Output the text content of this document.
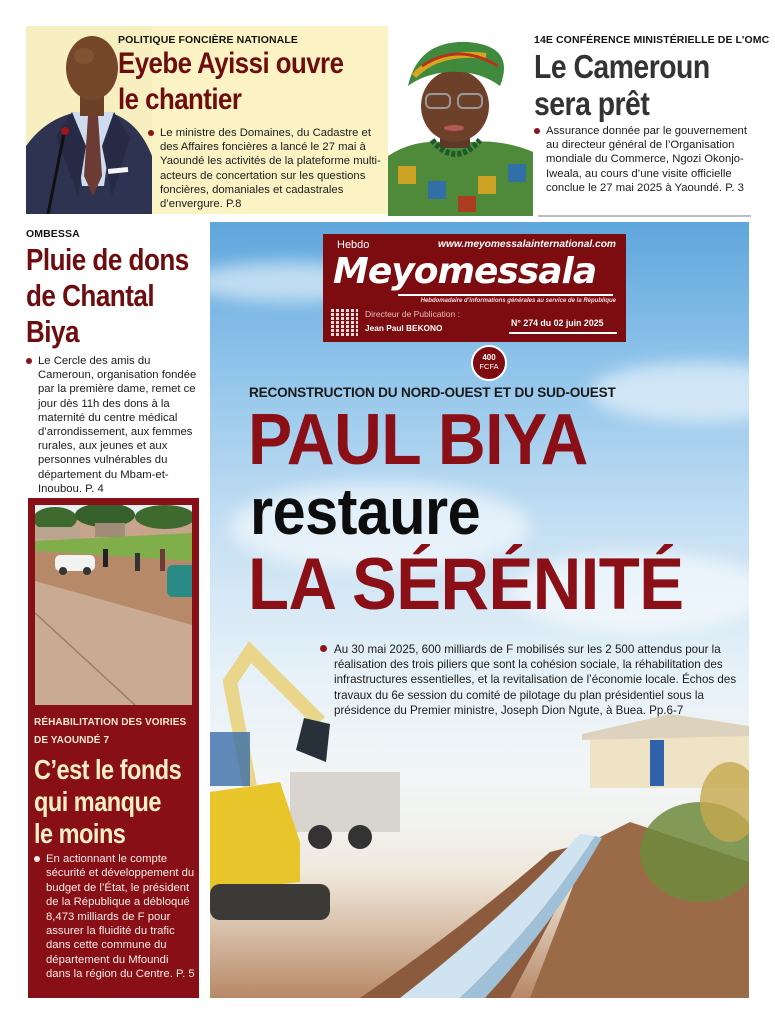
POLITIQUE FONCIÈRE NATIONALE
Eyebe Ayissi ouvre
le chantier
Le ministre des Domaines, du Cadastre et des Affaires foncières a lancé le 27 mai à Yaoundé les activités de la plateforme multi-acteurs de concertation sur les questions foncières, domaniales et cadastrales d’envergure. P.8
14E CONFÉRENCE MINISTÉRIELLE DE L’OMC
Le Cameroun
sera prêt
Assurance donnée par le gouvernement au directeur général de l’Organisation mondiale du Commerce, Ngozi Okonjo-Iweala, au cours d’une visite officielle conclue le 27 mai 2025 à Yaoundé. P. 3
OMBESSA
Pluie de dons
de Chantal
Biya
Le Cercle des amis du Cameroun, organisation fondée par la première dame, remet ce jour dès 11h des dons à la maternité du centre médical d’arrondissement, aux femmes rurales, aux jeunes et aux personnes vulnérables du département du Mbam-et-Inoubou. P. 4
RÉHABILITATION DES VOIRIES
DE YAOUNDÉ 7
C’est le fonds
qui manque
le moins
En actionnant le compte sécurité et développement du budget de l’État, le président de la République a débloqué 8,473 milliards de F pour assurer la fluidité du trafic dans cette commune du département du Mfoundi dans la région du Centre. P. 5
Hebdo	www.meyomessalainternational.com
Meyomessala
Hebdomadaire d’informations générales au service de la République
Directeur de Publication :
Jean Paul BEKONO	N° 274 du 02 juin 2025
400
FCFA
RECONSTRUCTION DU NORD-OUEST ET DU SUD-OUEST
PAUL BIYA
restaure
LA SÉRÉNITÉ
Au 30 mai 2025, 600 milliards de F mobilisés sur les 2 500 attendus pour la réalisation des trois piliers que sont la cohésion sociale, la réhabilitation des infrastructures essentielles, et la revitalisation de l’économie locale. Échos des travaux du 6e session du comité de pilotage du plan présidentiel sous la présidence du Premier ministre, Joseph Dion Ngute, à Buea. Pp.6-7
